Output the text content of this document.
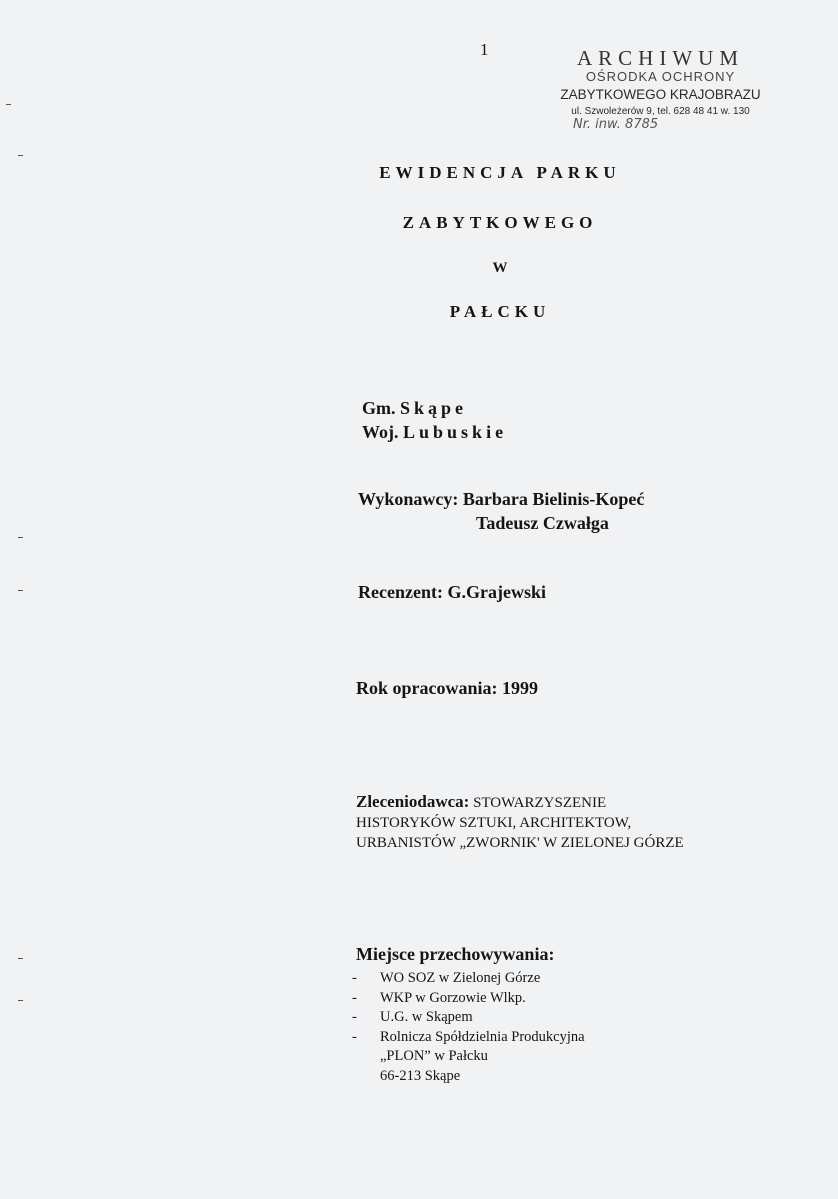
1	ARCHIWUM
OŚRODKA OCHRONY
ZABYTKOWEGO KRAJOBRAZU
ul. Szwoleżerów 9, tel. 628 48 41 w. 130
Nr. inw. 8785
EWIDENCJA PARKU
ZABYTKOWEGO
W
PAŁCKU
Gm. Skąpe
Woj. Lubuskie
Wykonawcy: Barbara Bielinis-Kopeć
Tadeusz Czwałga
Recenzent: G.Grajewski
Rok opracowania: 1999
Zleceniodawca: STOWARZYSZENIE
HISTORYKÓW SZTUKI, ARCHITEKTOW,
URBANISTÓW „ZWORNIK' W ZIELONEJ GÓRZE
Miejsce przechowywania:
-	WO SOZ w Zielonej Górze
-	WKP w Gorzowie Wlkp.
-	U.G. w Skąpem
-	Rolnicza Spółdzielnia Produkcyjna
„PLON” w Pałcku
66-213 Skąpe
